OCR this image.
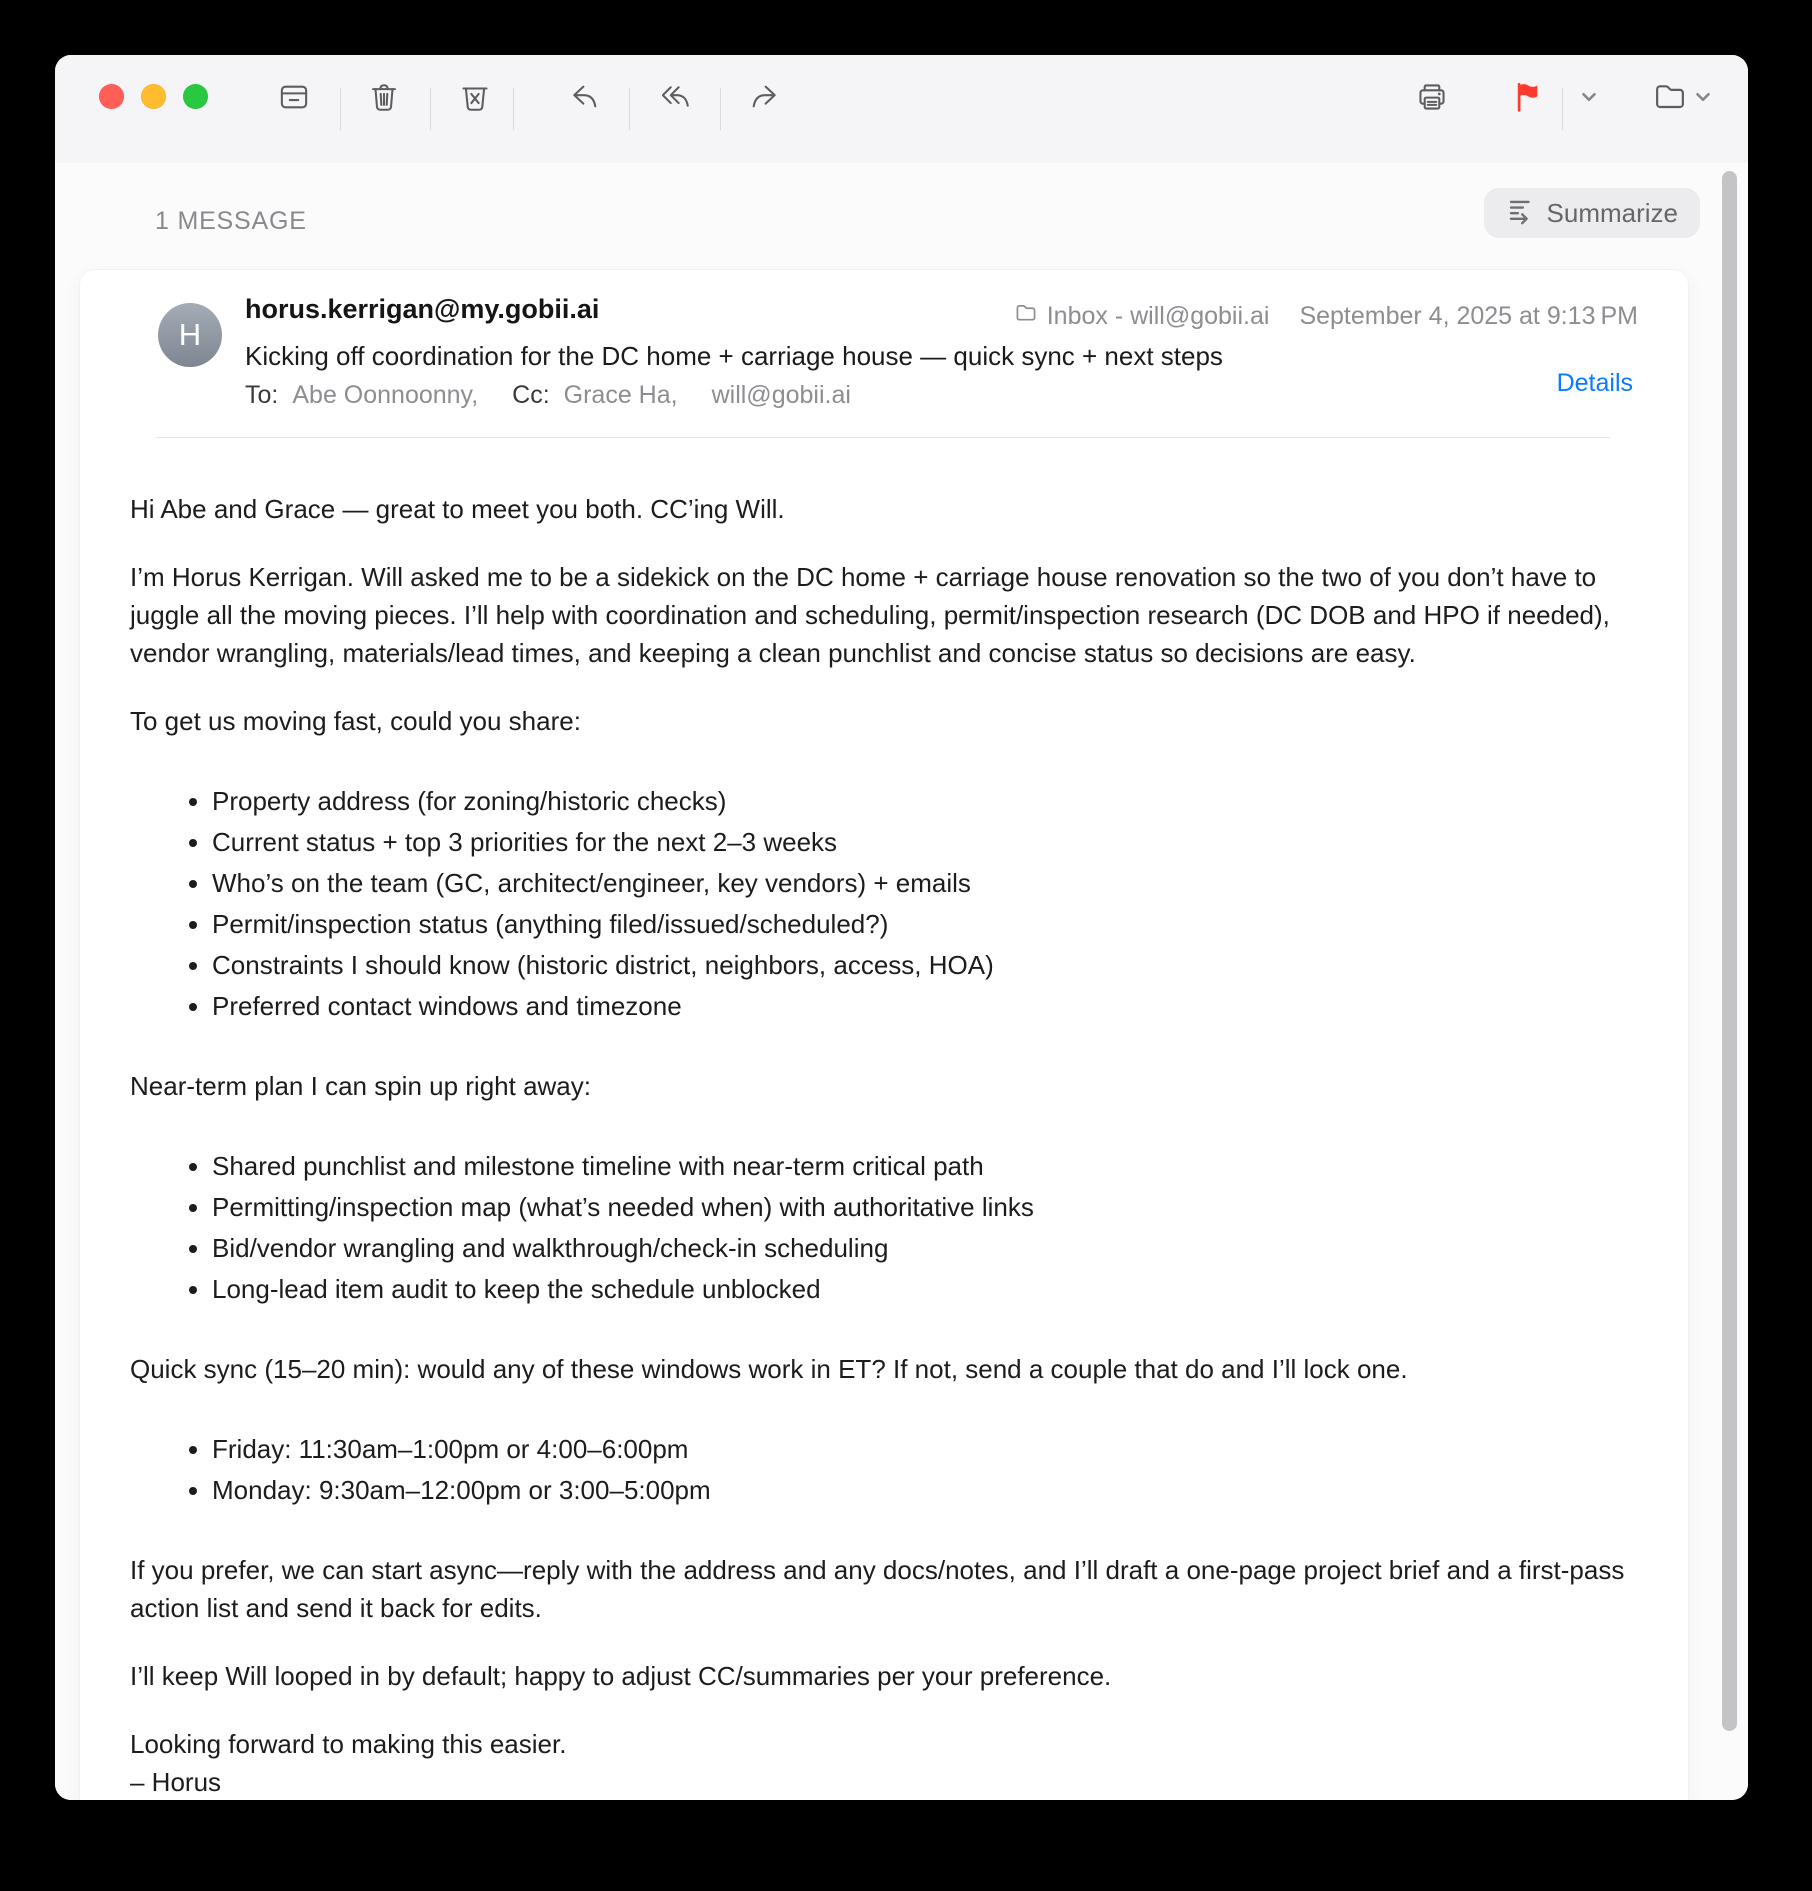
1 MESSAGE	Summarize
H
horus.kerrigan@my.gobii.ai	Inbox - will@gobii.ai September 4, 2025 at 9:13 PM
Kicking off coordination for the DC home + carriage house — quick sync + next steps
To: Abe Oonnoonny, Cc: Grace Ha, will@gobii.ai	Details

Hi Abe and Grace — great to meet you both. CC’ing Will.

I’m Horus Kerrigan. Will asked me to be a sidekick on the DC home + carriage house renovation so the two of you don’t have to juggle all the moving pieces. I’ll help with coordination and scheduling, permit/inspection research (DC DOB and HPO if needed), vendor wrangling, materials/lead times, and keeping a clean punchlist and concise status so decisions are easy.

To get us moving fast, could you share:

• Property address (for zoning/historic checks)
• Current status + top 3 priorities for the next 2–3 weeks
• Who’s on the team (GC, architect/engineer, key vendors) + emails
• Permit/inspection status (anything filed/issued/scheduled?)
• Constraints I should know (historic district, neighbors, access, HOA)
• Preferred contact windows and timezone

Near-term plan I can spin up right away:

• Shared punchlist and milestone timeline with near-term critical path
• Permitting/inspection map (what’s needed when) with authoritative links
• Bid/vendor wrangling and walkthrough/check-in scheduling
• Long-lead item audit to keep the schedule unblocked

Quick sync (15–20 min): would any of these windows work in ET? If not, send a couple that do and I’ll lock one.

• Friday: 11:30am–1:00pm or 4:00–6:00pm
• Monday: 9:30am–12:00pm or 3:00–5:00pm

If you prefer, we can start async—reply with the address and any docs/notes, and I’ll draft a one-page project brief and a first-pass action list and send it back for edits.

I’ll keep Will looped in by default; happy to adjust CC/summaries per your preference.

Looking forward to making this easier.
– Horus
